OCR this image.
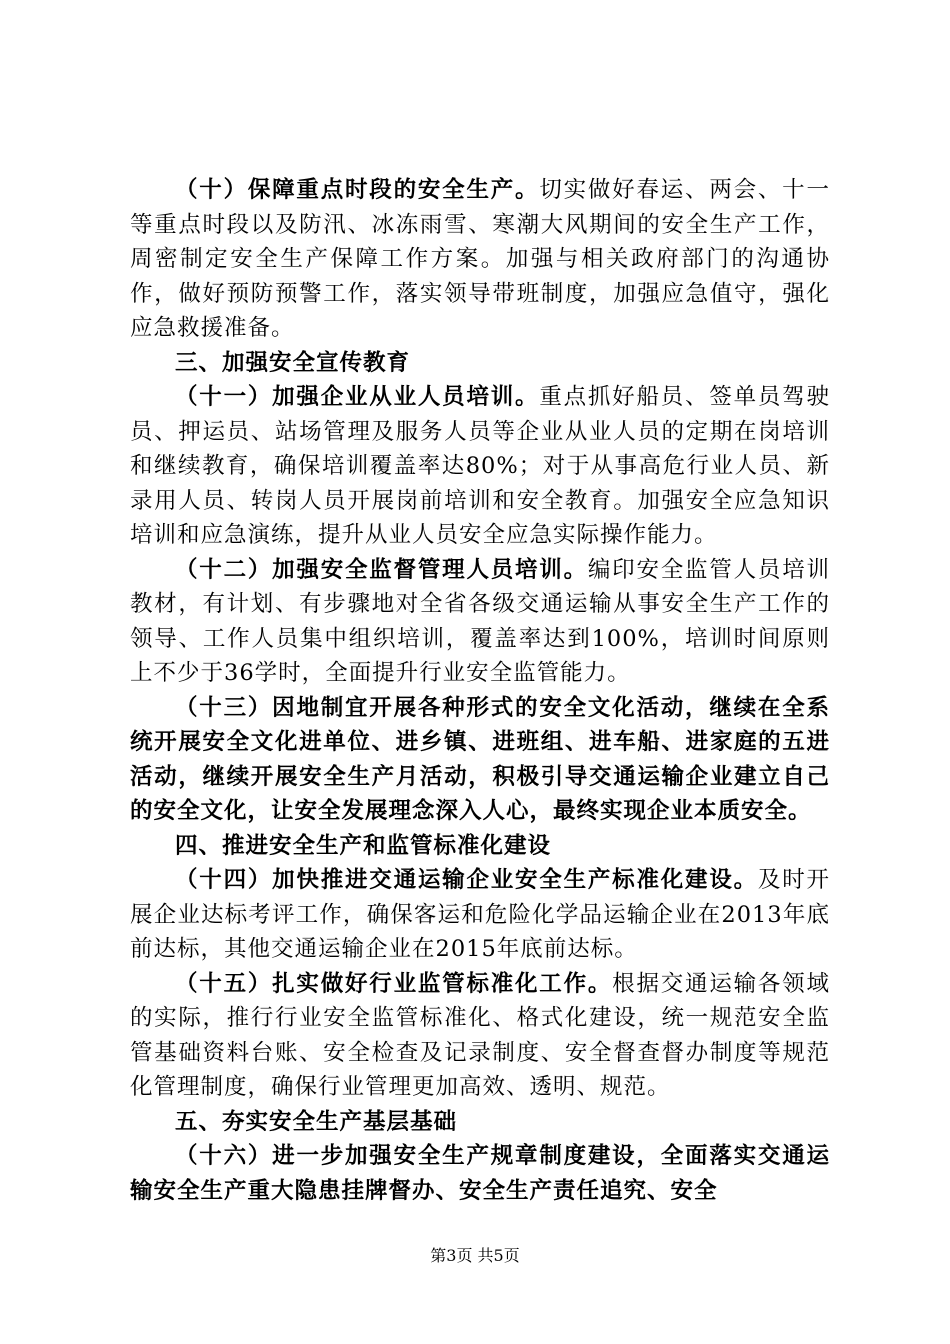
（十）保障重点时段的安全生产。切实做好春运、两会、十一等重点时段以及防汛、冰冻雨雪、寒潮大风期间的安全生产工作，周密制定安全生产保障工作方案。加强与相关政府部门的沟通协作，做好预防预警工作，落实领导带班制度，加强应急值守，强化应急救援准备。

三、加强安全宣传教育

（十一）加强企业从业人员培训。重点抓好船员、签单员驾驶员、押运员、站场管理及服务人员等企业从业人员的定期在岗培训和继续教育，确保培训覆盖率达80%；对于从事高危行业人员、新录用人员、转岗人员开展岗前培训和安全教育。加强安全应急知识培训和应急演练，提升从业人员安全应急实际操作能力。

（十二）加强安全监督管理人员培训。编印安全监管人员培训教材，有计划、有步骤地对全省各级交通运输从事安全生产工作的领导、工作人员集中组织培训，覆盖率达到100%，培训时间原则上不少于36学时，全面提升行业安全监管能力。

（十三）因地制宜开展各种形式的安全文化活动，继续在全系统开展安全文化进单位、进乡镇、进班组、进车船、进家庭的五进活动，继续开展安全生产月活动，积极引导交通运输企业建立自己的安全文化，让安全发展理念深入人心，最终实现企业本质安全。

四、推进安全生产和监管标准化建设

（十四）加快推进交通运输企业安全生产标准化建设。及时开展企业达标考评工作，确保客运和危险化学品运输企业在2013年底前达标，其他交通运输企业在2015年底前达标。

（十五）扎实做好行业监管标准化工作。根据交通运输各领域的实际，推行行业安全监管标准化、格式化建设，统一规范安全监管基础资料台账、安全检查及记录制度、安全督查督办制度等规范化管理制度，确保行业管理更加高效、透明、规范。

五、夯实安全生产基层基础

（十六）进一步加强安全生产规章制度建设，全面落实交通运输安全生产重大隐患挂牌督办、安全生产责任追究、安全

第3页 共5页
